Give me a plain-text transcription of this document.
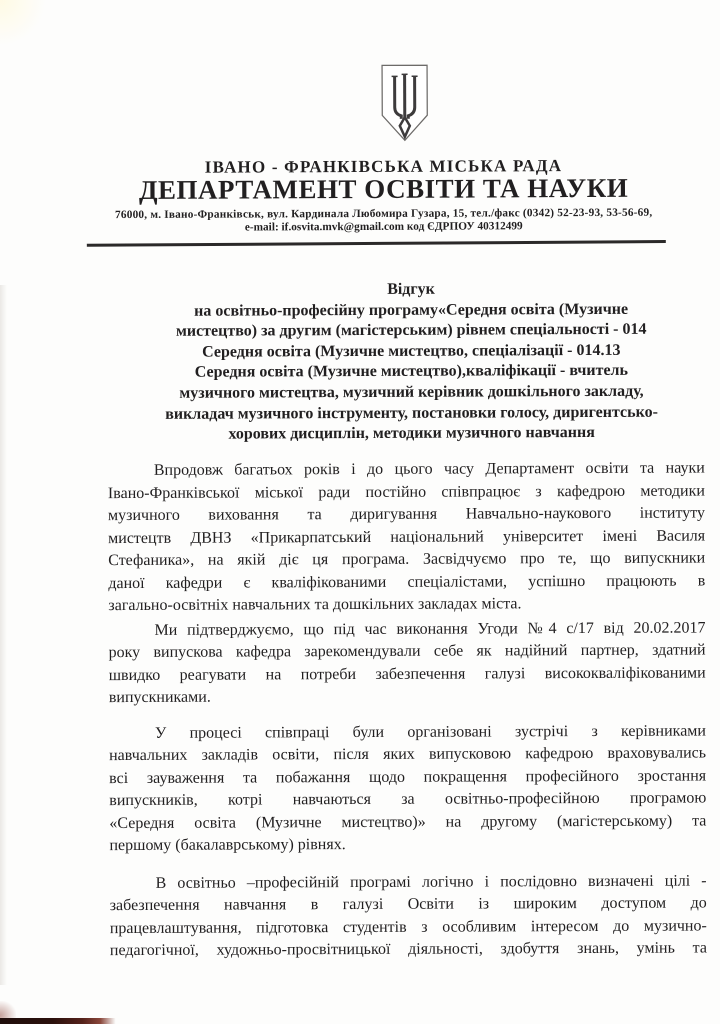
ІВАНО - ФРАНКІВСЬКА МІСЬКА РАДА
ДЕПАРТАМЕНТ ОСВІТИ ТА НАУКИ
76000, м. Івано-Франківськ, вул. Кардинала Любомира Гузара, 15, тел./факс (0342) 52-23-93, 53-56-69,
e-mail: if.osvita.mvk@gmail.com код ЄДРПОУ 40312499
Відгук
на освітньо-професійну програму«Середня освіта (Музичне
мистецтво) за другим (магістерським) рівнем спеціальності - 014
Середня освіта (Музичне мистецтво, спеціалізації - 014.13
Середня освіта (Музичне мистецтво),кваліфікації - вчитель
музичного мистецтва, музичний керівник дошкільного закладу,
викладач музичного інструменту, постановки голосу, диригентсько-
хорових дисциплін, методики музичного навчання
Впродовж багатьох років і до цього часу Департамент освіти та науки
Івано-Франківської міської ради постійно співпрацює з кафедрою методики
музичного виховання та диригування Навчально-наукового інституту
мистецтв ДВНЗ «Прикарпатський національний університет імені Василя
Стефаника», на якій діє ця програма. Засвідчуємо про те, що випускники
даної кафедри є кваліфікованими спеціалістами, успішно працюють в
загально-освітніх навчальних та дошкільних закладах міста.
Ми підтверджуємо, що під час виконання Угоди №4 с/17 від 20.02.2017
року випускова кафедра зарекомендували себе як надійний партнер, здатний
швидко реагувати на потреби забезпечення галузі висококваліфікованими
випускниками.
У процесі співпраці були організовані зустрічі з керівниками
навчальних закладів освіти, після яких випусковою кафедрою враховувались
всі зауваження та побажання щодо покращення професійного зростання
випускників, котрі навчаються за освітньо-професійною програмою
«Середня освіта (Музичне мистецтво)» на другому (магістерському) та
першому (бакалаврському) рівнях.
В освітньо –професійній програмі логічно і послідовно визначені цілі -
забезпечення навчання в галузі Освіти із широким доступом до
працевлаштування, підготовка студентів з особливим інтересом до музично-
педагогічної, художньо-просвітницької діяльності, здобуття знань, умінь та
